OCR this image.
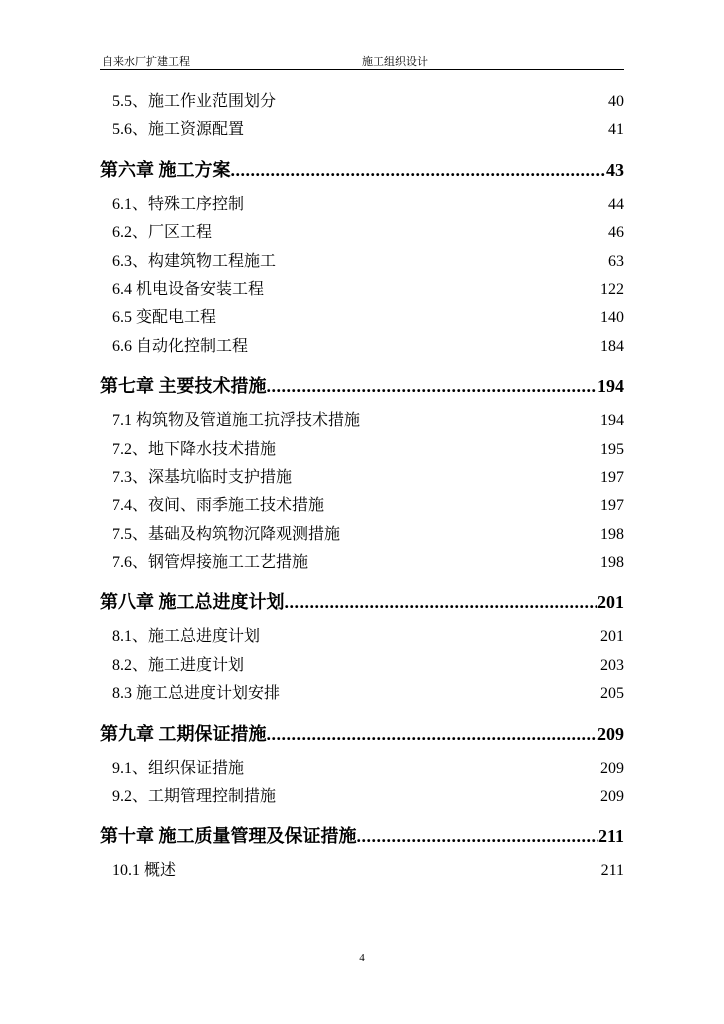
自来水厂扩建工程	施工组织设计
5.5、施工作业范围划分	40
5.6、施工资源配置	41
第六章 施工方案 .....	43
6.1、特殊工序控制	44
6.2、厂区工程	46
6.3、构建筑物工程施工	63
6.4 机电设备安装工程	122
6.5 变配电工程	140
6.6 自动化控制工程	184
第七章 主要技术措施 .....	194
7.1 构筑物及管道施工抗浮技术措施	194
7.2、地下降水技术措施	195
7.3、深基坑临时支护措施	197
7.4、夜间、雨季施工技术措施	197
7.5、基础及构筑物沉降观测措施	198
7.6、钢管焊接施工工艺措施	198
第八章 施工总进度计划 .....	201
8.1、施工总进度计划	201
8.2、施工进度计划	203
8.3 施工总进度计划安排	205
第九章 工期保证措施 .....	209
9.1、组织保证措施	209
9.2、工期管理控制措施	209
第十章 施工质量管理及保证措施 .....	211
10.1 概述	211
4
